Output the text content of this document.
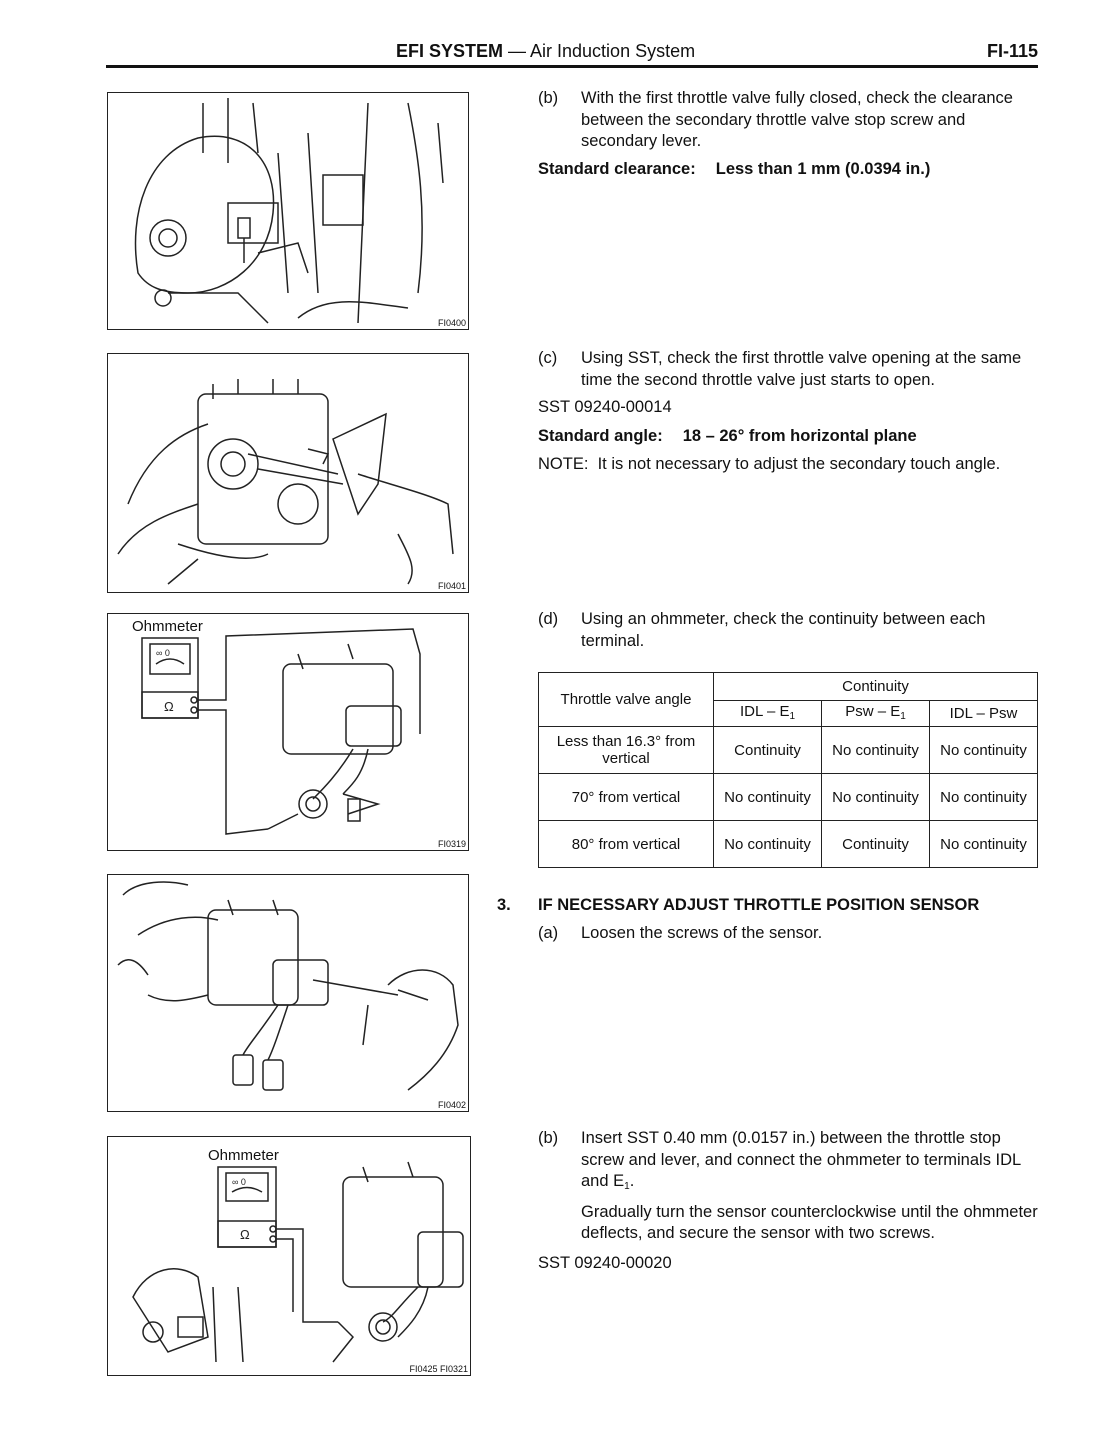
EFI SYSTEM — Air Induction System	FI-115
FI0400
FI0401
Ohmmeter
Ω
∞ 0
FI0319
FI0402
Ohmmeter
∞ 0
Ω
FI0425 FI0321
(b) With the first throttle valve fully closed, check the clearance between the secondary throttle valve stop screw and secondary lever.
Standard clearance: Less than 1 mm (0.0394 in.)
(c) Using SST, check the first throttle valve opening at the same time the second throttle valve just starts to open.
SST 09240-00014
Standard angle: 18 – 26° from horizontal plane
NOTE: It is not necessary to adjust the secondary touch angle.
(d) Using an ohmmeter, check the continuity between each terminal.
Throttle valve angle	Continuity		
	IDL – $E_1$	Psw – $E_1$	IDL – Psw
Less than 16.3° from vertical	Continuity	No continuity	No continuity
70° from vertical	No continuity	No continuity	No continuity
80° from vertical	No continuity	Continuity	No continuity
3. IF NECESSARY ADJUST THROTTLE POSITION SENSOR
(a) Loosen the screws of the sensor.
(b) Insert SST 0.40 mm (0.0157 in.) between the throttle stop screw and lever, and connect the ohmmeter to terminals IDL and $E_1$.
Gradually turn the sensor counterclockwise until the ohmmeter deflects, and secure the sensor with two screws.
SST 09240-00020
